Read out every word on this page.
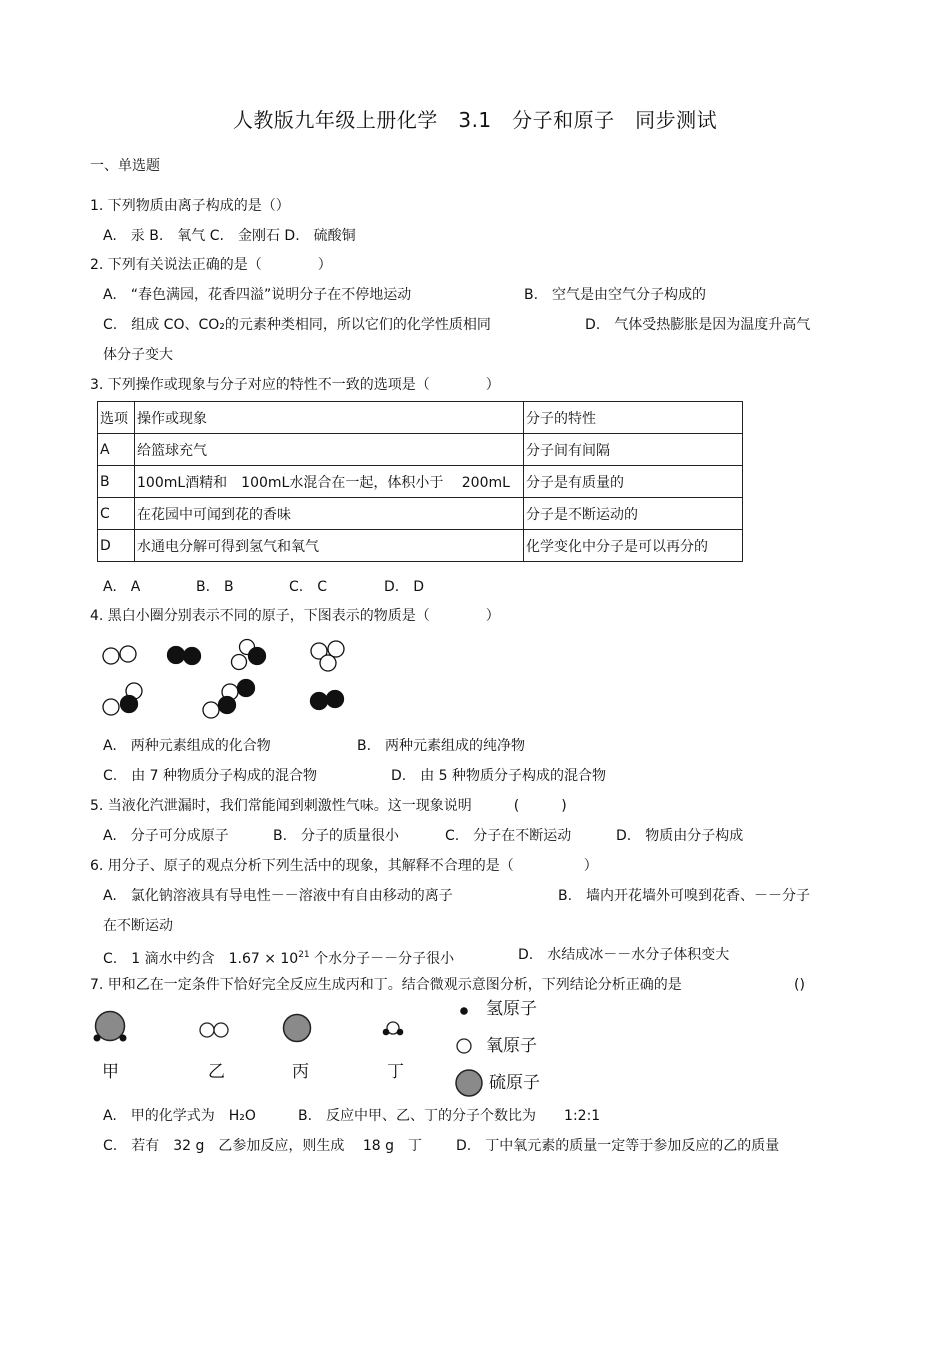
人教版九年级上册化学　3.1　分子和原子　同步测试
一、单选题
1. 下列物质由离子构成的是（）
A.　汞 B.　氧气 C.　金刚石 D.　硫酸铜
2. 下列有关说法正确的是（　　　　）
A.　“春色满园，花香四溢”说明分子在不停地运动	B.　空气是由空气分子构成的
C.　组成 CO、CO₂的元素种类相同，所以它们的化学性质相同	D.　气体受热膨胀是因为温度升高气
体分子变大
3. 下列操作或现象与分子对应的特性不一致的选项是（　　　　）
选项	操作或现象	分子的特性
A	给篮球充气	分子间有间隔
B	100mL酒精和　100mL水混合在一起，体积小于　 200mL	分子是有质量的
C	在花园中可闻到花的香味	分子是不断运动的
D	水通电分解可得到氢气和氧气	化学变化中分子是可以再分的
A.　A	B.　B	C.　C	D.　D
4. 黑白小圈分别表示不同的原子，下图表示的物质是（　　　　）
A.　两种元素组成的化合物	B.　两种元素组成的纯净物
C.　由 7 种物质分子构成的混合物	D.　由 5 种物质分子构成的混合物
5. 当液化汽泄漏时，我们常能闻到刺激性气味。这一现象说明　　　(　　　)
A.　分子可分成原子	B.　分子的质量很小	C.　分子在不断运动	D.　物质由分子构成
6. 用分子、原子的观点分析下列生活中的现象，其解释不合理的是（　　　　　）
A.　氯化钠溶液具有导电性－－溶液中有自由移动的离子	B.　墙内开花墙外可嗅到花香、－－分子
在不断运动
C.　1 滴水中约含　$1.67 \times 10^{21}$ 个水分子－－分子很小	D.　水结成冰－－水分子体积变大
7. 甲和乙在一定条件下恰好完全反应生成丙和丁。结合微观示意图分析，下列结论分析正确的是	()
甲	乙	丙	丁
氢原子
氧原子
硫原子
A.　甲的化学式为　H₂O	B.　反应中甲、乙、丁的分子个数比为　　1:2:1
C.　若有　32 g　乙参加反应，则生成　 18 g　丁 D.　丁中氧元素的质量一定等于参加反应的乙的质量
